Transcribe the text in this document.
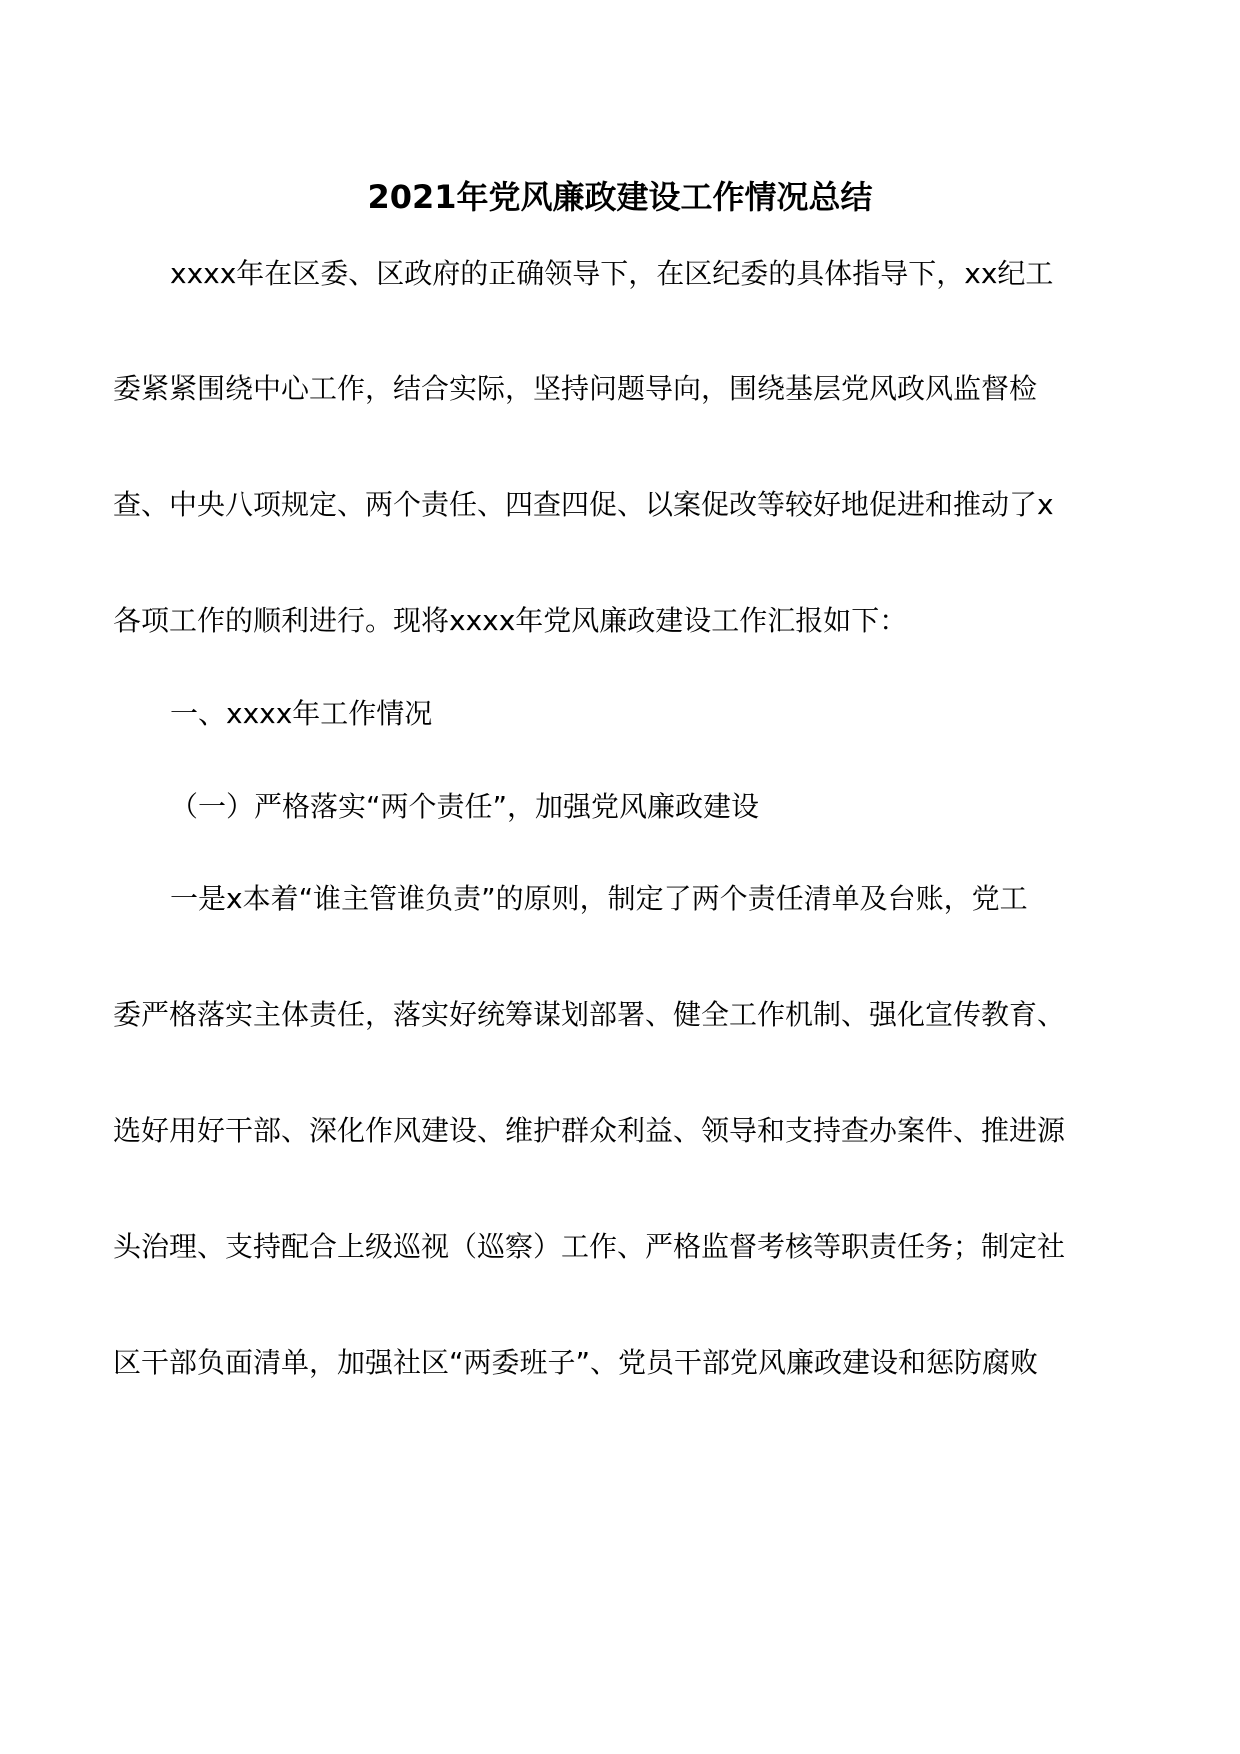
2021年党风廉政建设工作情况总结
xxxx年在区委、区政府的正确领导下，在区纪委的具体指导下，xx纪工
委紧紧围绕中心工作，结合实际，坚持问题导向，围绕基层党风政风监督检
查、中央八项规定、两个责任、四查四促、以案促改等较好地促进和推动了x
各项工作的顺利进行。现将xxxx年党风廉政建设工作汇报如下：
一、xxxx年工作情况
（一）严格落实“两个责任”，加强党风廉政建设
一是x本着“谁主管谁负责”的原则，制定了两个责任清单及台账，党工
委严格落实主体责任，落实好统筹谋划部署、健全工作机制、强化宣传教育、
选好用好干部、深化作风建设、维护群众利益、领导和支持查办案件、推进源
头治理、支持配合上级巡视（巡察）工作、严格监督考核等职责任务；制定社
区干部负面清单，加强社区“两委班子”、党员干部党风廉政建设和惩防腐败
